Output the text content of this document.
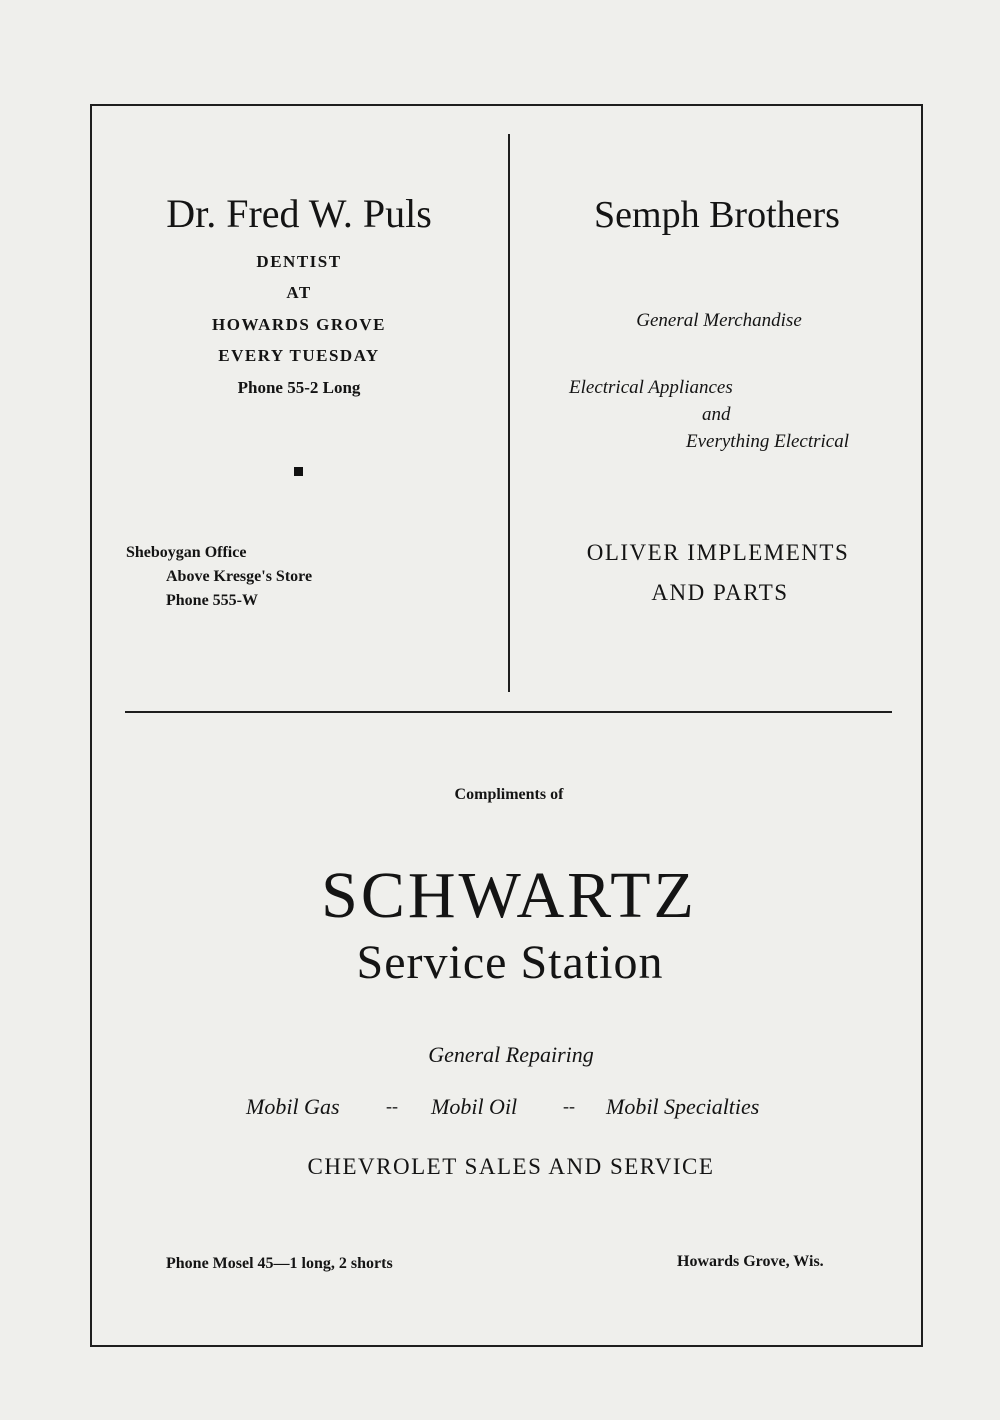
Dr. Fred W. Puls
DENTIST
AT
HOWARDS GROVE
EVERY TUESDAY
Phone 55-2 Long
Sheboygan Office
Above Kresge's Store
Phone 555-W
Semph Brothers
General Merchandise
Electrical Appliances
and
Everything Electrical
OLIVER IMPLEMENTS
AND PARTS
Compliments of
SCHWARTZ
Service Station
General Repairing
Mobil Gas	-- Mobil Oil	-- Mobil Specialties
CHEVROLET SALES AND SERVICE
Phone Mosel 45—1 long, 2 shorts	Howards Grove, Wis.
